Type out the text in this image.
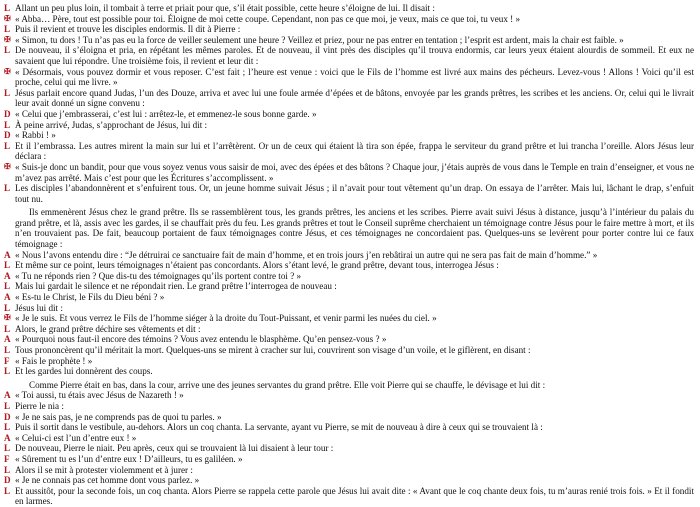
L Allant un peu plus loin, il tombait à terre et priait pour que, s’il était possible, cette heure s’éloigne de lui. Il disait :
✠ « Abba… Père, tout est possible pour toi. Éloigne de moi cette coupe. Cependant, non pas ce que moi, je veux, mais ce que toi, tu veux ! »
L Puis il revient et trouve les disciples endormis. Il dit à Pierre :
✠ « Simon, tu dors ! Tu n’as pas eu la force de veiller seulement une heure ? Veillez et priez, pour ne pas entrer en tentation ; l’esprit est ardent, mais la chair est faible. »
L De nouveau, il s’éloigna et pria, en répétant les mêmes paroles. Et de nouveau, il vint près des disciples qu’il trouva endormis, car leurs yeux étaient alourdis de sommeil. Et eux ne savaient que lui répondre. Une troisième fois, il revient et leur dit :
✠ « Désormais, vous pouvez dormir et vous reposer. C’est fait ; l’heure est venue : voici que le Fils de l’homme est livré aux mains des pécheurs. Levez-vous ! Allons ! Voici qu’il est proche, celui qui me livre. »
L Jésus parlait encore quand Judas, l’un des Douze, arriva et avec lui une foule armée d’épées et de bâtons, envoyée par les grands prêtres, les scribes et les anciens. Or, celui qui le livrait leur avait donné un signe convenu :
D « Celui que j’embrasserai, c’est lui : arrêtez-le, et emmenez-le sous bonne garde. »
L À peine arrivé, Judas, s’approchant de Jésus, lui dit :
D « Rabbi ! »
L Et il l’embrassa. Les autres mirent la main sur lui et l’arrêtèrent. Or un de ceux qui étaient là tira son épée, frappa le serviteur du grand prêtre et lui trancha l’oreille. Alors Jésus leur déclara :
✠ « Suis-je donc un bandit, pour que vous soyez venus vous saisir de moi, avec des épées et des bâtons ? Chaque jour, j’étais auprès de vous dans le Temple en train d’enseigner, et vous ne m’avez pas arrêté. Mais c’est pour que les Écritures s’accomplissent. »
L Les disciples l’abandonnèrent et s’enfuirent tous. Or, un jeune homme suivait Jésus ; il n’avait pour tout vêtement qu’un drap. On essaya de l’arrêter. Mais lui, lâchant le drap, s’enfuit tout nu.
Ils emmenèrent Jésus chez le grand prêtre. Ils se rassemblèrent tous, les grands prêtres, les anciens et les scribes. Pierre avait suivi Jésus à distance, jusqu’à l’intérieur du palais du grand prêtre, et là, assis avec les gardes, il se chauffait près du feu. Les grands prêtres et tout le Conseil suprême cherchaient un témoignage contre Jésus pour le faire mettre à mort, et ils n’en trouvaient pas. De fait, beaucoup portaient de faux témoignages contre Jésus, et ces témoignages ne concordaient pas. Quelques-uns se levèrent pour porter contre lui ce faux témoignage :
A « Nous l’avons entendu dire : “Je détruirai ce sanctuaire fait de main d’homme, et en trois jours j’en rebâtirai un autre qui ne sera pas fait de main d’homme.” »
L Et même sur ce point, leurs témoignages n’étaient pas concordants. Alors s’étant levé, le grand prêtre, devant tous, interrogea Jésus :
A « Tu ne réponds rien ? Que dis-tu des témoignages qu’ils portent contre toi ? »
L Mais lui gardait le silence et ne répondait rien. Le grand prêtre l’interrogea de nouveau :
A « Es-tu le Christ, le Fils du Dieu béni ? »
L Jésus lui dit :
✠ « Je le suis. Et vous verrez le Fils de l’homme siéger à la droite du Tout-Puissant, et venir parmi les nuées du ciel. »
L Alors, le grand prêtre déchire ses vêtements et dit :
A « Pourquoi nous faut-il encore des témoins ? Vous avez entendu le blasphème. Qu’en pensez-vous ? »
L Tous prononcèrent qu’il méritait la mort. Quelques-uns se mirent à cracher sur lui, couvrirent son visage d’un voile, et le giflèrent, en disant :
F « Fais le prophète ! »
L Et les gardes lui donnèrent des coups.
Comme Pierre était en bas, dans la cour, arrive une des jeunes servantes du grand prêtre. Elle voit Pierre qui se chauffe, le dévisage et lui dit :
A « Toi aussi, tu étais avec Jésus de Nazareth ! »
L Pierre le nia :
D « Je ne sais pas, je ne comprends pas de quoi tu parles. »
L Puis il sortit dans le vestibule, au-dehors. Alors un coq chanta. La servante, ayant vu Pierre, se mit de nouveau à dire à ceux qui se trouvaient là :
A « Celui-ci est l’un d’entre eux ! »
L De nouveau, Pierre le niait. Peu après, ceux qui se trouvaient là lui disaient à leur tour :
F « Sûrement tu es l’un d’entre eux ! D’ailleurs, tu es galiléen. »
L Alors il se mit à protester violemment et à jurer :
D « Je ne connais pas cet homme dont vous parlez. »
L Et aussitôt, pour la seconde fois, un coq chanta. Alors Pierre se rappela cette parole que Jésus lui avait dite : « Avant que le coq chante deux fois, tu m’auras renié trois fois. » Et il fondit en larmes.
